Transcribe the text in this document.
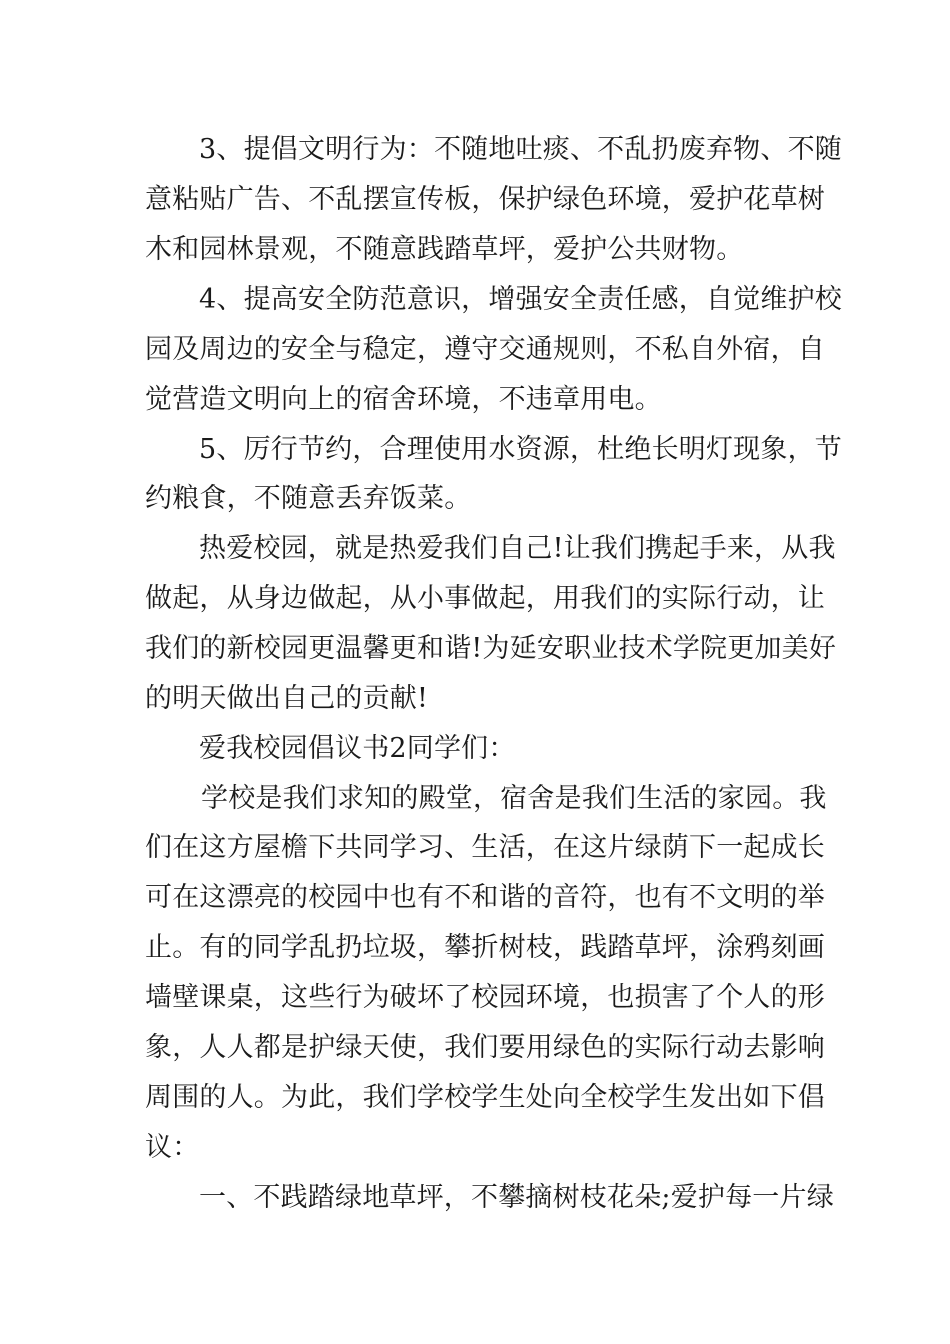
3、提倡文明行为：不随地吐痰、不乱扔废弃物、不随
意粘贴广告、不乱摆宣传板，保护绿色环境，爱护花草树
木和园林景观，不随意践踏草坪，爱护公共财物。
4、提高安全防范意识，增强安全责任感，自觉维护校
园及周边的安全与稳定，遵守交通规则，不私自外宿，自
觉营造文明向上的宿舍环境，不违章用电。
5、厉行节约，合理使用水资源，杜绝长明灯现象，节
约粮食，不随意丢弃饭菜。
热爱校园，就是热爱我们自己!让我们携起手来，从我
做起，从身边做起，从小事做起，用我们的实际行动，让
我们的新校园更温馨更和谐!为延安职业技术学院更加美好
的明天做出自己的贡献!
爱我校园倡议书2同学们：
学校是我们求知的殿堂，宿舍是我们生活的家园。我
们在这方屋檐下共同学习、生活，在这片绿荫下一起成长
可在这漂亮的校园中也有不和谐的音符，也有不文明的举
止。有的同学乱扔垃圾，攀折树枝，践踏草坪，涂鸦刻画
墙壁课桌，这些行为破坏了校园环境，也损害了个人的形
象，人人都是护绿天使，我们要用绿色的实际行动去影响
周围的人。为此，我们学校学生处向全校学生发出如下倡
议：
一、不践踏绿地草坪，不攀摘树枝花朵;爱护每一片绿
